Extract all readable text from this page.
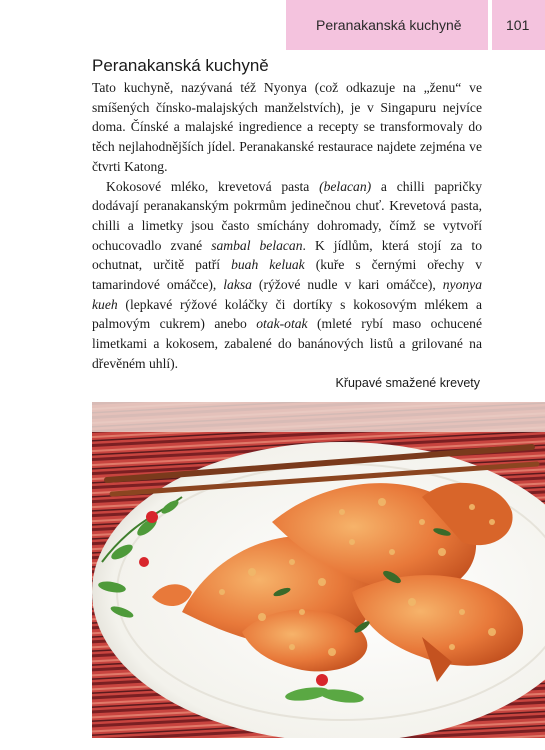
Peranakanská kuchyně	101
Peranakanská kuchyně

Tato kuchyně, nazývaná též Nyonya (což odkazuje na „ženu“ ve smíšených čínsko-malajských manželstvích), je v Singapuru nejvíce doma. Čínské a malajské ingredience a recepty se transformovaly do těch nejlahodnějších jídel. Peranakanské restaurace najdete zejména ve čtvrti Katong.

Kokosové mléko, krevetová pasta (belacan) a chilli papričky dodávají peranakanským pokrmům jedinečnou chuť. Krevetová pasta, chilli a limetky jsou často smíchány dohromady, čímž se vytvoří ochucovadlo zvané sambal belacan. K jídlům, která stojí za to ochutnat, určitě patří buah keluak (kuře s černými ořechy v tamarindové omáčce), laksa (rýžové nudle v kari omáčce), nyonya kueh (lepkavé rýžové koláčky či dortíky s kokosovým mlékem a palmovým cukrem) anebo otak-otak (mleté rybí maso ochucené limetkami a kokosem, zabalené do banánových listů a grilované na dřevěném uhlí).

Křupavé smažené krevety
